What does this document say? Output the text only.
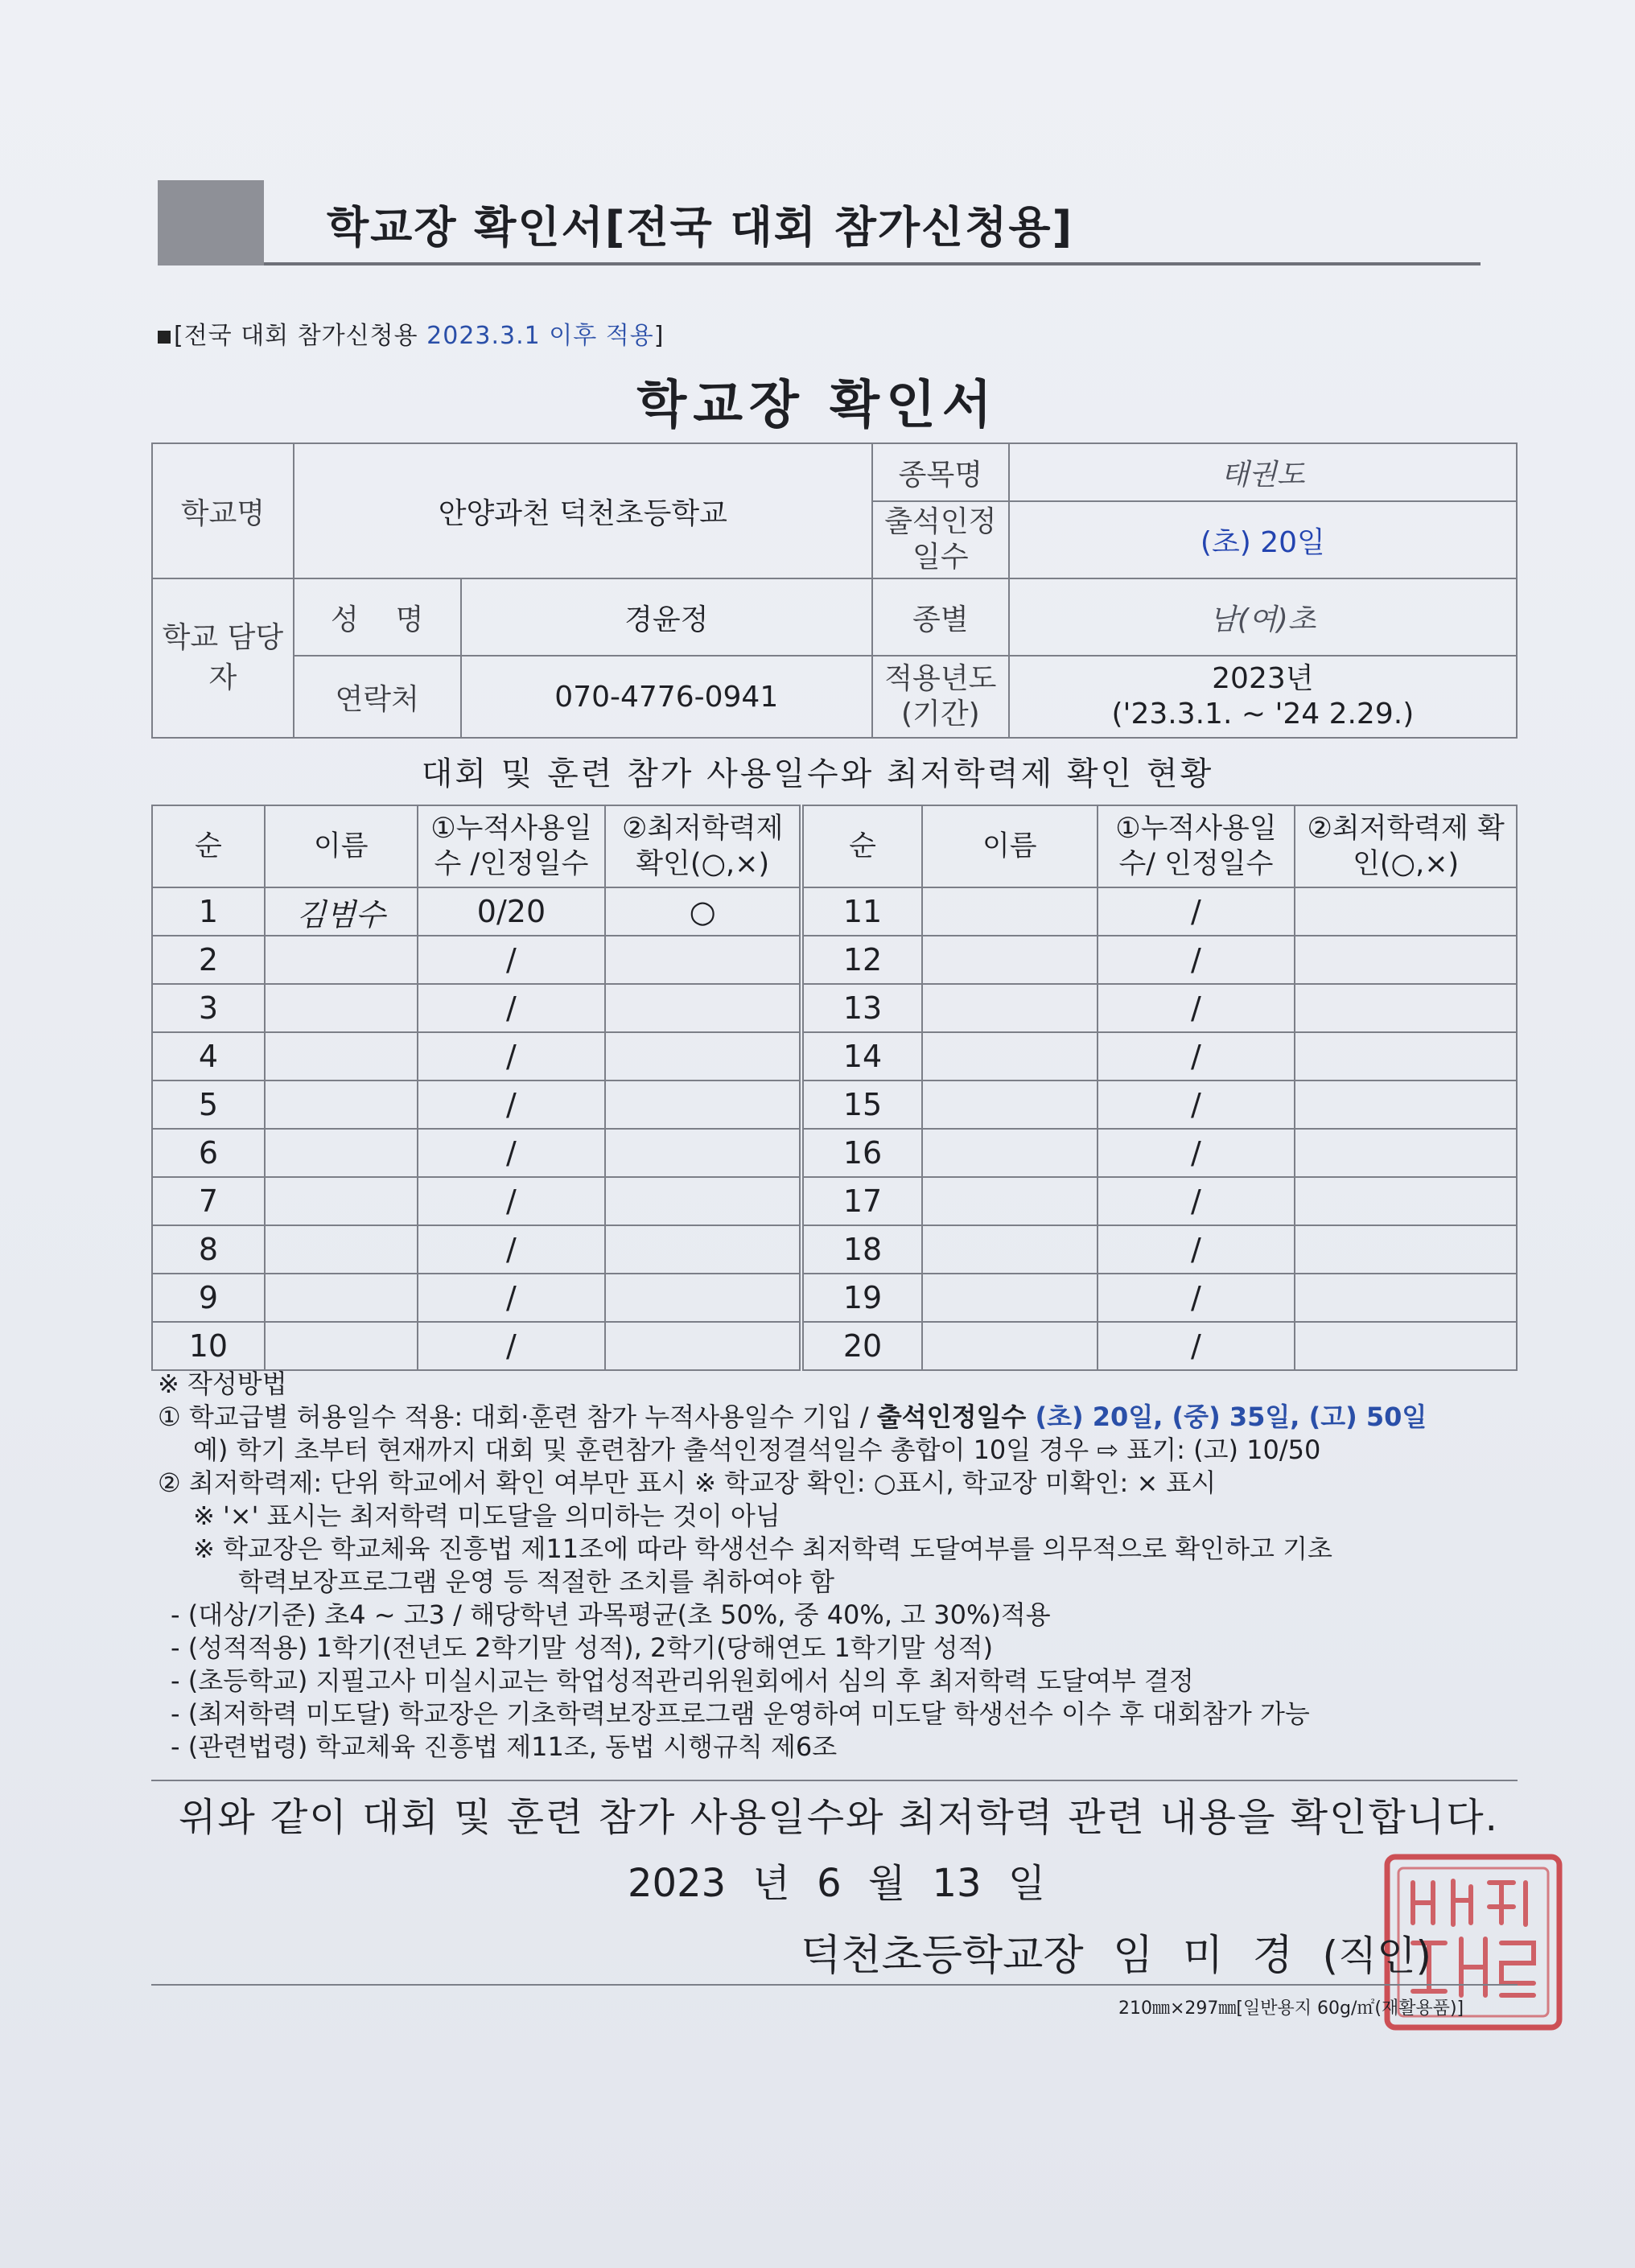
학교장 확인서[전국 대회 참가신청용]
[전국 대회 참가신청용 2023.3.1 이후 적용]
학교장 확인서
학교명	안양과천 덕천초등학교		종목명	태권도
			출석인정 일수	(초) 20일
학교 담당자	성    명	경윤정	종별	남(여)초
	연락처	070-4776-0941	적용년도 (기간)	2023년
('23.3.1. ~ '24 2.29.)
대회 및 훈련 참가 사용일수와 최저학력제 확인 현황
순	이름	①누적사용일수 /인정일수	②최저학력제 확인(○,×)	순	이름	①누적사용일수/ 인정일수	②최저학력제 확인(○,×)
1	김범수	0/20	○	11		/	
2		/		12		/	
3		/		13		/	
4		/		14		/	
5		/		15		/	
6		/		16		/	
7		/		17		/	
8		/		18		/	
9		/		19		/	
10		/		20		/	
※ 작성방법
① 학교급별 허용일수 적용: 대회·훈련 참가 누적사용일수 기입 / 출석인정일수 (초) 20일, (중) 35일, (고) 50일
예) 학기 초부터 현재까지 대회 및 훈련참가 출석인정결석일수 총합이 10일 경우 ⇨ 표기: (고) 10/50
② 최저학력제: 단위 학교에서 확인 여부만 표시 ※ 학교장 확인: ○표시, 학교장 미확인: × 표시
※ '×' 표시는 최저학력 미도달을 의미하는 것이 아님
※ 학교장은 학교체육 진흥법 제11조에 따라 학생선수 최저학력 도달여부를 의무적으로 확인하고 기초
학력보장프로그램 운영 등 적절한 조치를 취하여야 함
- (대상/기준) 초4 ~ 고3 / 해당학년 과목평균(초 50%, 중 40%, 고 30%)적용
- (성적적용) 1학기(전년도 2학기말 성적), 2학기(당해연도 1학기말 성적)
- (초등학교) 지필고사 미실시교는 학업성적관리위원회에서 심의 후 최저학력 도달여부 결정
- (최저학력 미도달) 학교장은 기초학력보장프로그램 운영하여 미도달 학생선수 이수 후 대회참가 가능
- (관련법령) 학교체육 진흥법 제11조, 동법 시행규칙 제6조
위와 같이 대회 및 훈련 참가 사용일수와 최저학력 관련 내용을 확인합니다.
2023 년 6 월 13 일
덕천초등학교장 임 미 경 (직인)
210㎜×297㎜[일반용지 60g/㎡(재활용품)]
